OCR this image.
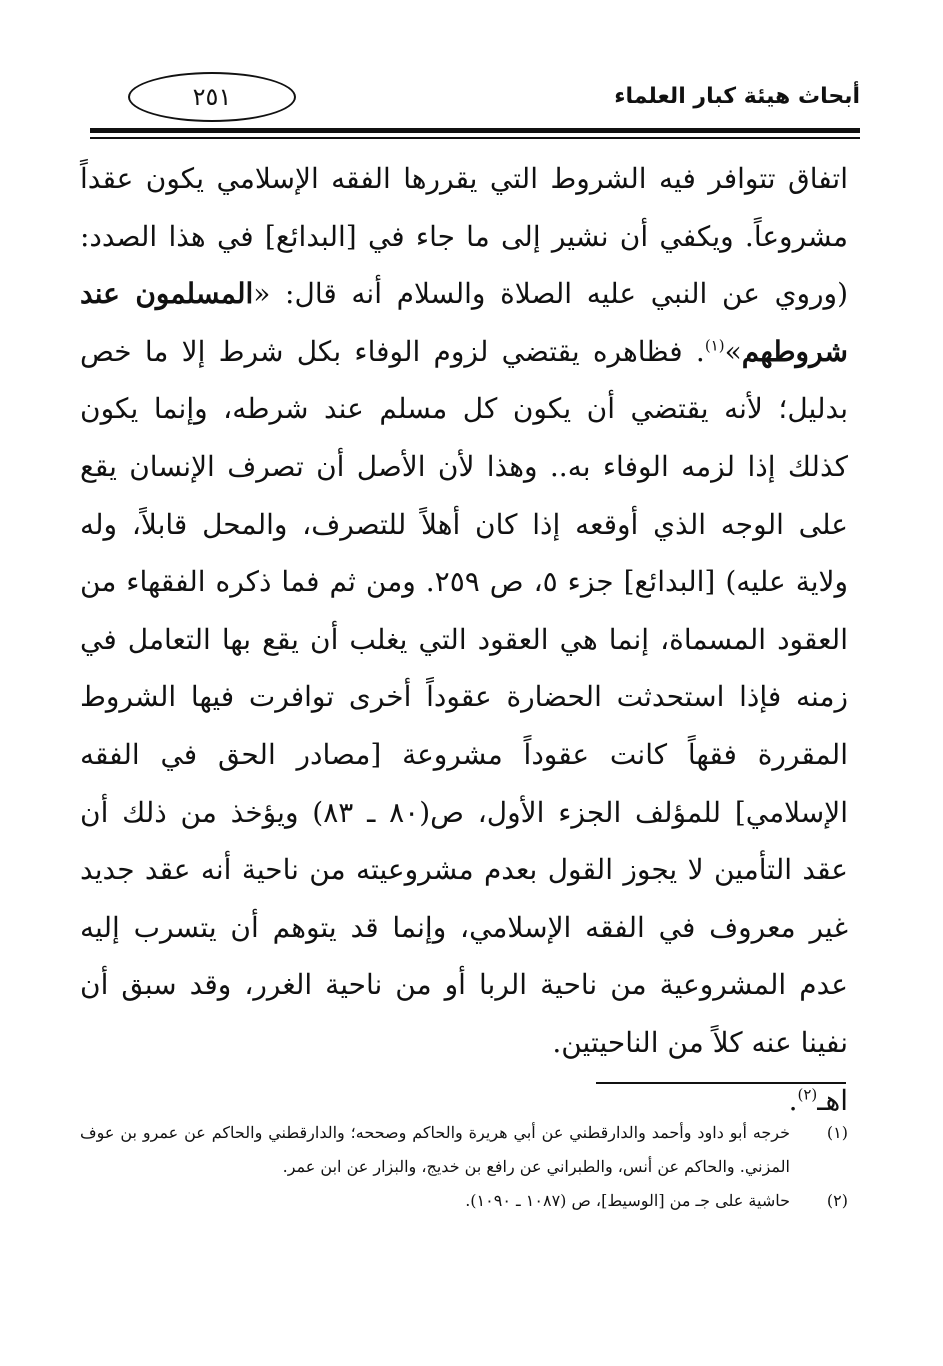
أبحاث هيئة كبار العلماء
٢٥١

اتفاق تتوافر فيه الشروط التي يقررها الفقه الإسلامي يكون عقداً مشروعاً. ويكفي أن نشير إلى ما جاء في [البدائع] في هذا الصدد: (وروي عن النبي عليه الصلاة والسلام أنه قال: «المسلمون عند شروطهم»$^{(١)}$. فظاهره يقتضي لزوم الوفاء بكل شرط إلا ما خص بدليل؛ لأنه يقتضي أن يكون كل مسلم عند شرطه، وإنما يكون كذلك إذا لزمه الوفاء به.. وهذا لأن الأصل أن تصرف الإنسان يقع على الوجه الذي أوقعه إذا كان أهلاً للتصرف، والمحل قابلاً، وله ولاية عليه) [البدائع] جزء ٥، ص ٢٥٩. ومن ثم فما ذكره الفقهاء من العقود المسماة، إنما هي العقود التي يغلب أن يقع بها التعامل في زمنه فإذا استحدثت الحضارة عقوداً أخرى توافرت فيها الشروط المقررة فقهاً كانت عقوداً مشروعة [مصادر الحق في الفقه الإسلامي] للمؤلف الجزء الأول، ص(٨٠ ـ ٨٣) ويؤخذ من ذلك أن عقد التأمين لا يجوز القول بعدم مشروعيته من ناحية أنه عقد جديد غير معروف في الفقه الإسلامي، وإنما قد يتوهم أن يتسرب إليه عدم المشروعية من ناحية الربا أو من ناحية الغرر، وقد سبق أن نفينا عنه كلاً من الناحيتين.

اهـ$^{(٢)}$.

(١)
خرجه أبو داود وأحمد والدارقطني عن أبي هريرة والحاكم وصححه؛ والدارقطني والحاكم عن عمرو بن عوف المزني. والحاكم عن أنس، والطبراني عن رافع بن خديج، والبزار عن ابن عمر.
(٢)
حاشية على جـ من [الوسيط]، ص (١٠٨٧ ـ ١٠٩٠).
